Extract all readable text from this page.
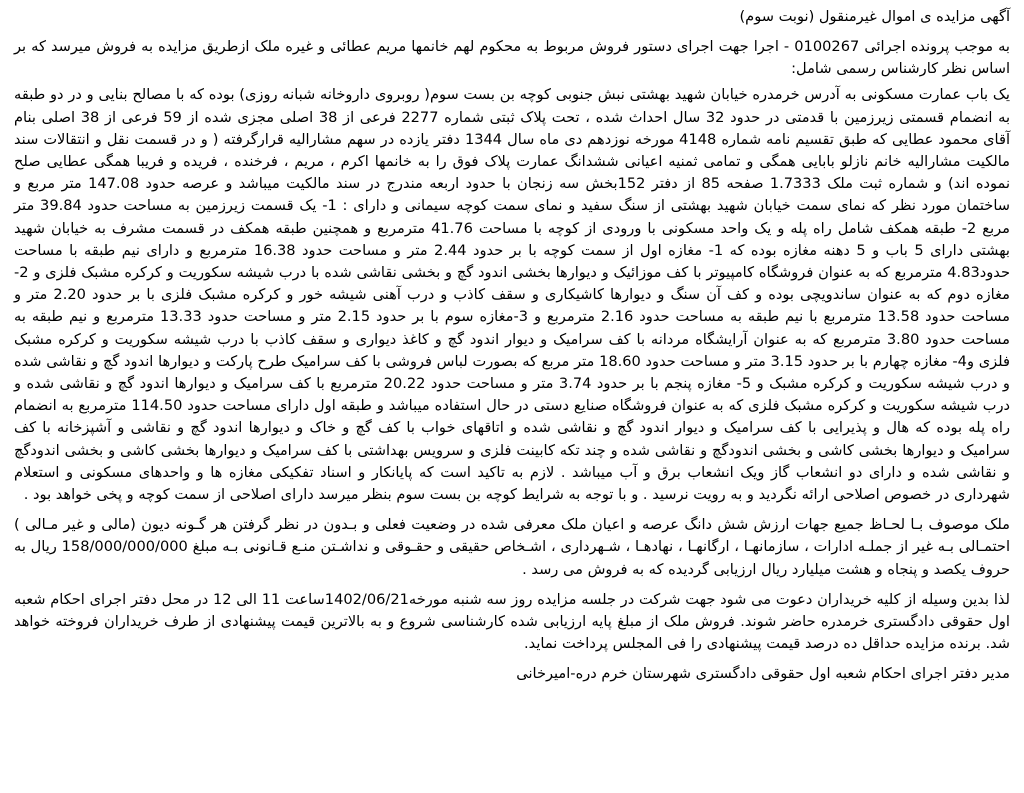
آگهی مزایده ی اموال غیرمنقول (نوبت سوم)

به موجب پرونده اجرائی 0100267 - اجرا جهت اجرای دستور فروش مربوط به محکوم لهم خانمها مریم عطائی و غیره ملک ازطریق مزایده به فروش میرسد که بر اساس نظر کارشناس رسمی شامل:

یک باب عمارت مسکونی به آدرس خرمدره خیابان شهید بهشتی نبش جنوبی کوچه بن بست سوم( روبروی داروخانه شبانه روزی) بوده که با مصالح بنایی و در دو طبقه به انضمام قسمتی زیرزمین با قدمتی در حدود 32 سال احداث شده ، تحت پلاک ثبتی شماره 2277 فرعی از 38 اصلی مجزی شده از 59 فرعی از 38 اصلی بنام آقای محمود عطایی که طبق تقسیم نامه شماره 4148 مورخه نوزدهم دی ماه سال 1344 دفتر یازده در سهم مشاراليه قرارگرفته ( و در قسمت نقل و انتقالات سند مالکیت مشاراليه خانم نازلو بابایی همگی و تمامی ثمنيه اعیانی ششدانگ عمارت پلاک فوق را به خانمها اکرم ، مریم ، فرخنده ، فریده و فریبا همگی عطایی صلح نموده اند) و شماره ثبت ملک 1.7333 صفحه 85 از دفتر 152بخش سه زنجان با حدود اربعه مندرج در سند مالکیت میباشد و عرصه حدود 147.08 متر مربع و ساختمان مورد نظر که نمای سمت خیابان شهید بهشتی از سنگ سفید و نمای سمت کوچه سیمانی و دارای : 1- یک قسمت زیرزمین به مساحت حدود 39.84 متر مربع 2- طبقه همکف شامل راه پله و یک واحد مسکونی با ورودی از کوچه با مساحت 41.76 مترمربع و همچنین طبقه همکف در قسمت مشرف به خیابان شهید بهشتی دارای 5 باب و 5 دهنه مغازه بوده که 1- مغازه اول از سمت کوچه با بر حدود 2.44 متر و مساحت حدود 16.38 مترمربع و دارای نیم طبقه با مساحت حدود4.83 مترمربع که به عنوان فروشگاه کامپیوتر با کف موزائیک و دیوارها بخشی اندود گچ و بخشی نقاشی شده با درب شیشه سکوریت و کرکره مشبک فلزی و 2- مغازه دوم که به عنوان ساندویچی بوده و کف آن سنگ و دیوارها کاشیکاری و سقف کاذب و درب آهنی شیشه خور و کرکره مشبک فلزی با بر حدود 2.20 متر و مساحت حدود 13.58 مترمربع با نیم طبقه به مساحت حدود 2.16 مترمربع و 3-مغازه سوم با بر حدود 2.15 متر و مساحت حدود 13.33 مترمربع و نیم طبقه به مساحت حدود 3.80 مترمربع که به عنوان آرایشگاه مردانه با کف سرامیک و دیوار اندود گچ و کاغذ دیواری و سقف کاذب با درب شیشه سکوریت و کرکره مشبک فلزی و4- مغازه چهارم با بر حدود 3.15 متر و مساحت حدود 18.60 متر مربع که بصورت لباس فروشی با کف سرامیک طرح پارکت و دیوارها اندود گچ و نقاشی شده و درب شیشه سکوریت و کرکره مشبک و 5- مغازه پنجم با بر حدود 3.74 متر و مساحت حدود 20.22 مترمربع با کف سرامیک و دیوارها اندود گچ و نقاشی شده و درب شیشه سکوریت و کرکره مشبک فلزی که به عنوان فروشگاه صنایع دستی در حال استفاده میباشد و طبقه اول دارای مساحت حدود 114.50 مترمربع به انضمام راه پله بوده که هال و پذیرایی با کف سرامیک و دیوار اندود گچ و نقاشی شده و اتاقهای خواب با کف گچ و خاک و دیوارها اندود گچ و نقاشی و آشپزخانه با کف سرامیک و دیوارها بخشی کاشی و بخشی اندودگچ و نقاشی شده و چند تکه کابینت فلزی و سرویس بهداشتی با کف سرامیک و دیوارها بخشی کاشی و بخشی اندودگچ و نقاشی شده و دارای دو انشعاب گاز ویک انشعاب برق و آب میباشد . لازم به تاکید است که پایانکار و اسناد تفکیکی مغازه ها و واحدهای مسکونی و استعلام شهرداری در خصوص اصلاحی ارائه نگردید و به رویت نرسید . و با توجه به شرایط کوچه بن بست سوم بنظر میرسد دارای اصلاحی از سمت کوچه و پخی خواهد بود .

ملک موصوف بـا لحـاظ جمیع جهات ارزش شش دانگ عرصه و اعیان ملک معرفی شده در وضعیت فعلی و بـدون در نظر گرفتن هر گـونه دیون (مالی و غیر مـالی ) احتمـالی بـه غیر از جملـه ادارات ، سازمانهـا ، ارگانهـا ، نهادهـا ، شـهرداری ، اشـخاص حقیقی و حقـوقی و نداشـتن منـع قـانونی بـه مبلغ 158/000/000/000 ریال به حروف یکصد و پنجاه و هشت میلیارد ریال ارزیابی گردیده که به فروش می رسد .

لذا بدین وسیله از کلیه خریداران دعوت می شود جهت شرکت در جلسه مزایده روز سه شنبه مورخه1402/06/21ساعت 11 الی 12 در محل دفتر اجرای احکام شعبه اول حقوقی دادگستری خرمدره حاضر شوند. فروش ملک از مبلغ پایه ارزیابی شده کارشناسی شروع و به بالاترین قیمت پیشنهادی از طرف خریداران فروخته خواهد شد. برنده مزایده حداقل ده درصد قیمت پیشنهادی را فی المجلس پرداخت نماید.

مدیر دفتر اجرای احکام شعبه اول حقوقی دادگستری شهرستان خرم دره-امیرخانی
